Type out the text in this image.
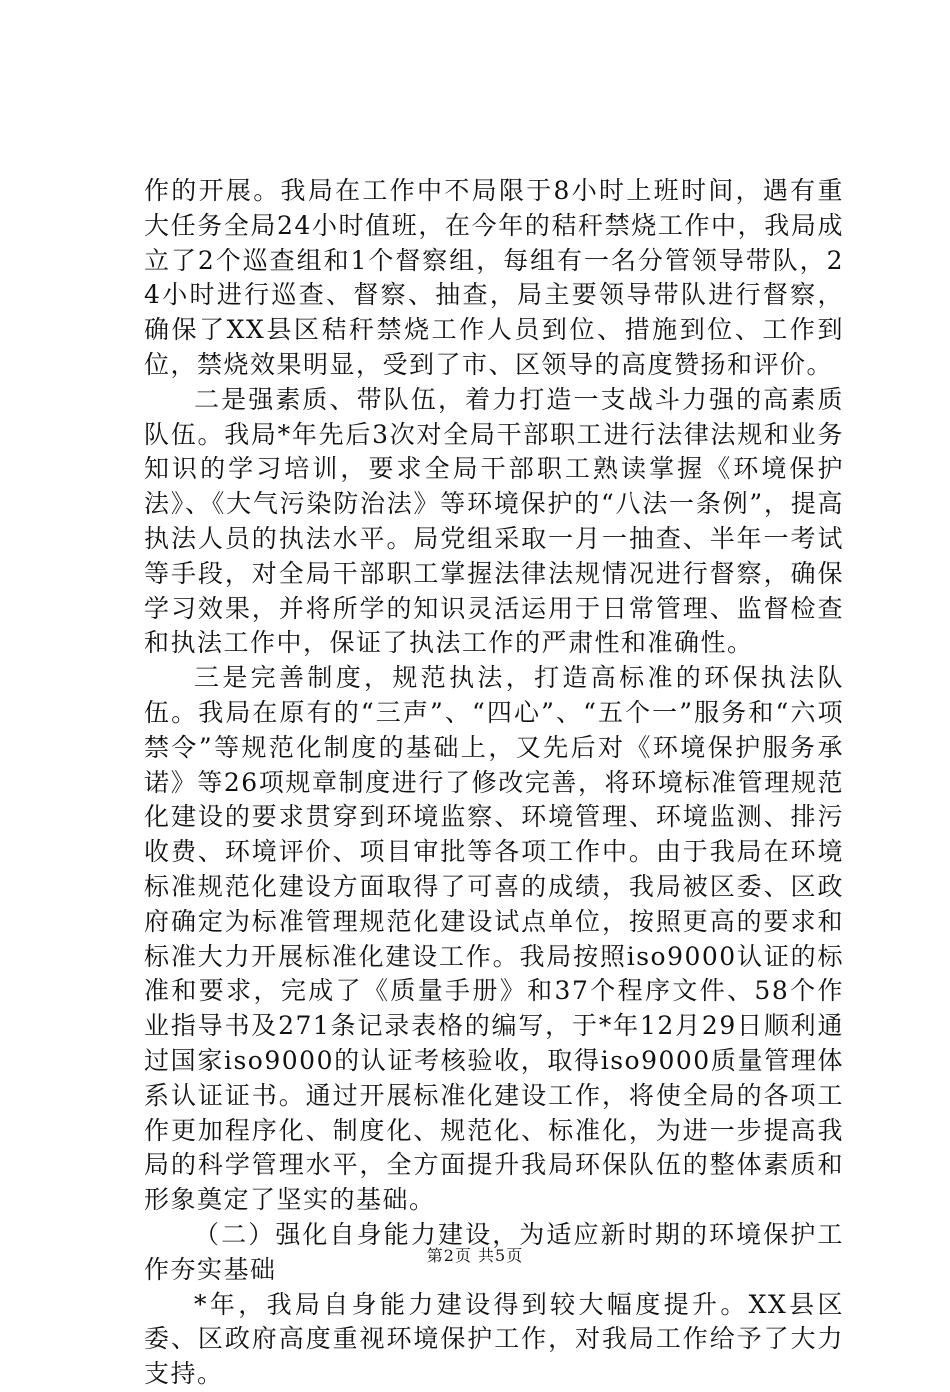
作的开展。我局在工作中不局限于8小时上班时间，遇有重大任务全局24小时值班，在今年的秸秆禁烧工作中，我局成立了2个巡查组和1个督察组，每组有一名分管领导带队，24小时进行巡查、督察、抽查，局主要领导带队进行督察，确保了XX县区秸秆禁烧工作人员到位、措施到位、工作到位，禁烧效果明显，受到了市、区领导的高度赞扬和评价。

二是强素质、带队伍，着力打造一支战斗力强的高素质队伍。我局*年先后3次对全局干部职工进行法律法规和业务知识的学习培训，要求全局干部职工熟读掌握《环境保护法》、《大气污染防治法》等环境保护的“八法一条例”，提高执法人员的执法水平。局党组采取一月一抽查、半年一考试等手段，对全局干部职工掌握法律法规情况进行督察，确保学习效果，并将所学的知识灵活运用于日常管理、监督检查和执法工作中，保证了执法工作的严肃性和准确性。

三是完善制度，规范执法，打造高标准的环保执法队伍。我局在原有的“三声”、“四心”、“五个一”服务和“六项禁令”等规范化制度的基础上，又先后对《环境保护服务承诺》等26项规章制度进行了修改完善，将环境标准管理规范化建设的要求贯穿到环境监察、环境管理、环境监测、排污收费、环境评价、项目审批等各项工作中。由于我局在环境标准规范化建设方面取得了可喜的成绩，我局被区委、区政府确定为标准管理规范化建设试点单位，按照更高的要求和标准大力开展标准化建设工作。我局按照iso9000认证的标准和要求，完成了《质量手册》和37个程序文件、58个作业指导书及271条记录表格的编写，于*年12月29日顺利通过国家iso9000的认证考核验收，取得iso9000质量管理体系认证证书。通过开展标准化建设工作，将使全局的各项工作更加程序化、制度化、规范化、标准化，为进一步提高我局的科学管理水平，全方面提升我局环保队伍的整体素质和形象奠定了坚实的基础。

（二）强化自身能力建设，为适应新时期的环境保护工作夯实基础

*年，我局自身能力建设得到较大幅度提升。XX县区委、区政府高度重视环境保护工作，对我局工作给予了大力支持。

第2页 共5页
